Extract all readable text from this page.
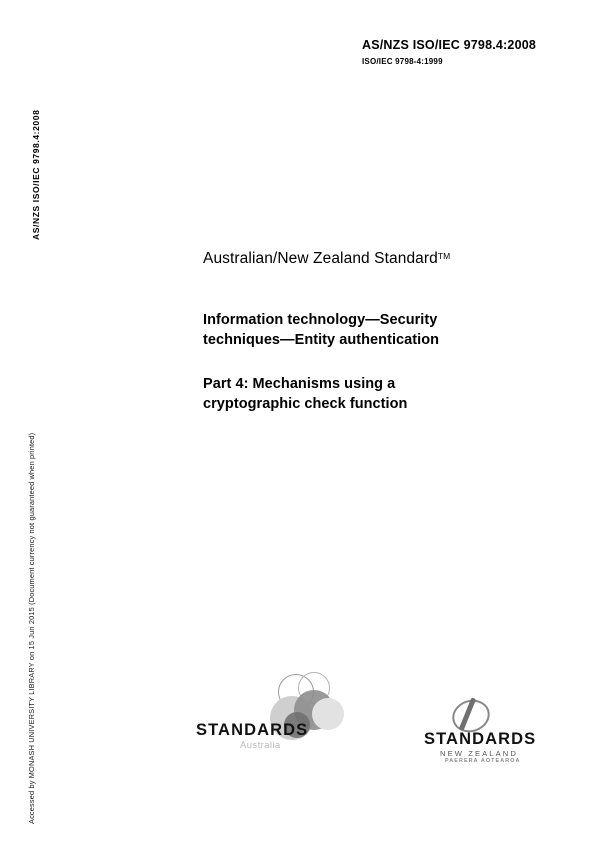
AS/NZS ISO/IEC 9798.4:2008
Accessed by MONASH UNIVERSITY LIBRARY on 15 Jun 2015 (Document currency not guaranteed when printed)
AS/NZS ISO/IEC 9798.4:2008
ISO/IEC 9798-4:1999
Australian/New Zealand Standard™
Information technology—Security
techniques—Entity authentication
Part 4: Mechanisms using a
cryptographic check function
STANDARDS
Australia	STANDARDS
NEW ZEALAND
PAERERA AOTEAROA
